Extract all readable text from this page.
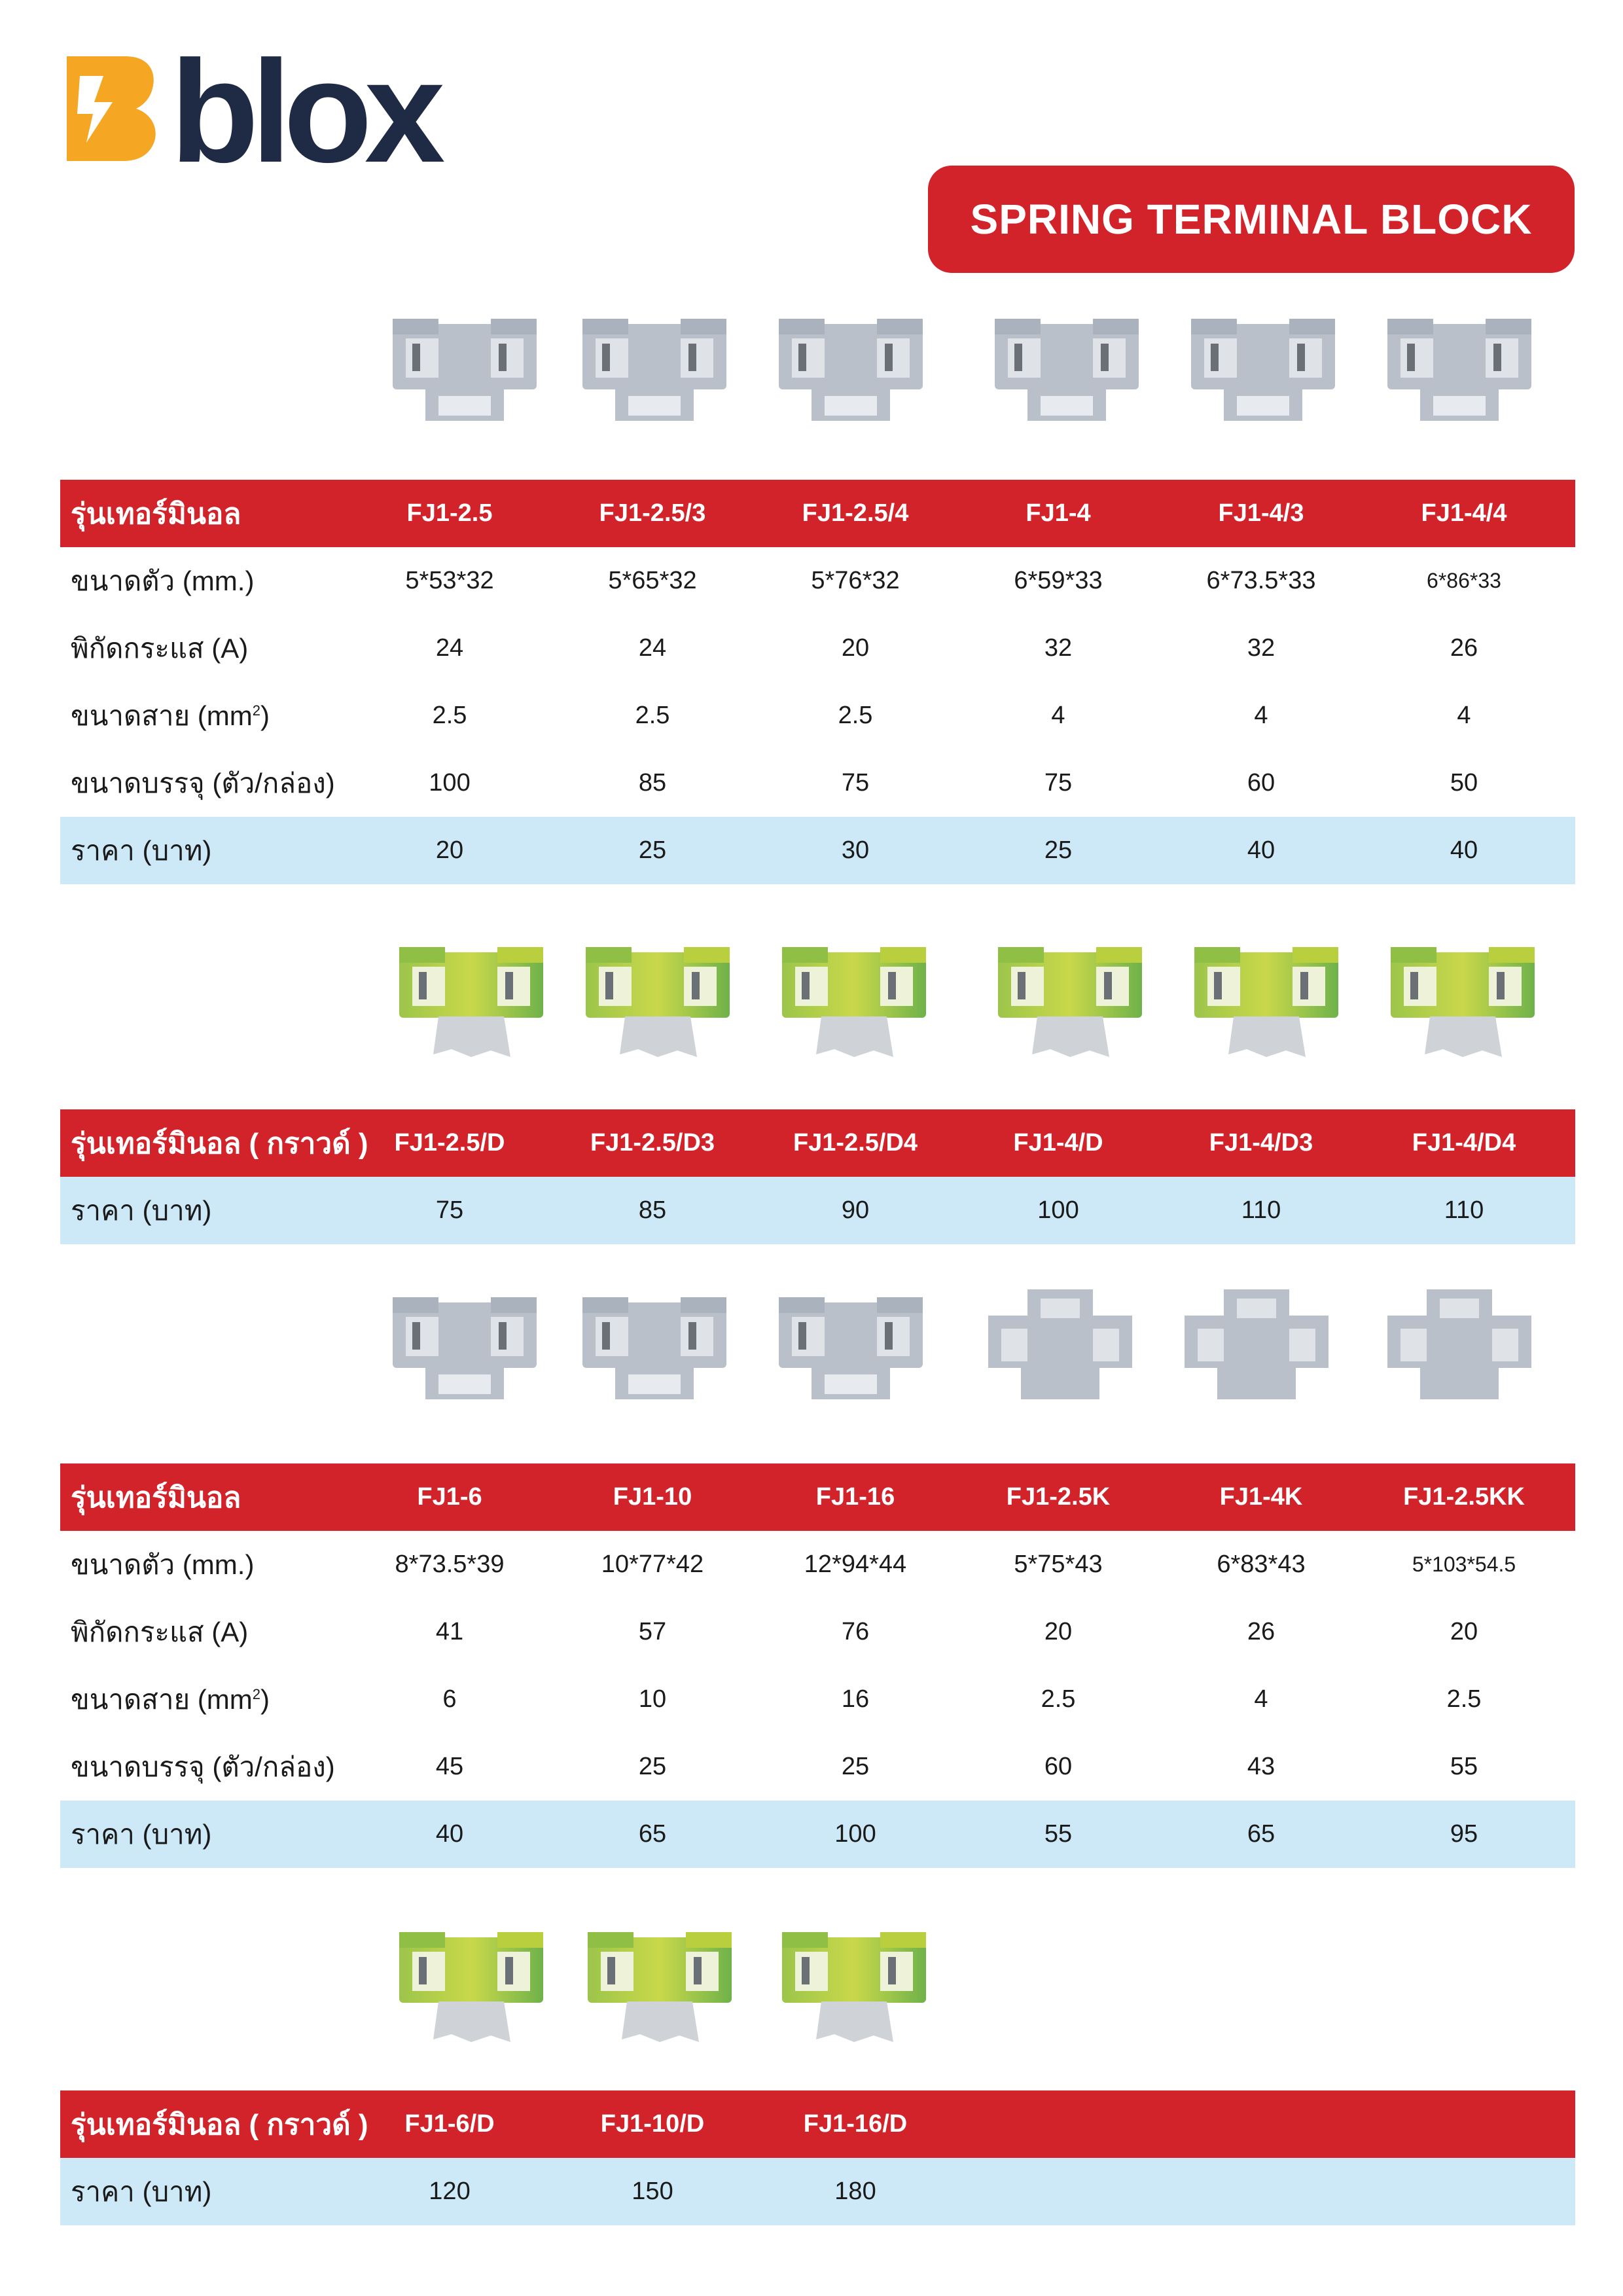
blox
SPRING TERMINAL BLOCK
รุ่นเทอร์มินอล	FJ1-2.5	FJ1-2.5/3	FJ1-2.5/4	FJ1-4	FJ1-4/3	FJ1-4/4
ขนาดตัว (mm.)	5*53*32	5*65*32	5*76*32	6*59*33	6*73.5*33	6*86*33
พิกัดกระแส (A)	24	24	20	32	32	26
ขนาดสาย $(mm^2)$	2.5	2.5	2.5	4	4	4
ขนาดบรรจุ (ตัว/กล่อง)	100	85	75	75	60	50
ราคา (บาท)	20	25	30	25	40	40
รุ่นเทอร์มินอล ( กราวด์ )	FJ1-2.5/D	FJ1-2.5/D3	FJ1-2.5/D4	FJ1-4/D	FJ1-4/D3	FJ1-4/D4
ราคา (บาท)	75	85	90	100	110	110
รุ่นเทอร์มินอล	FJ1-6	FJ1-10	FJ1-16	FJ1-2.5K	FJ1-4K	FJ1-2.5KK
ขนาดตัว (mm.)	8*73.5*39	10*77*42	12*94*44	5*75*43	6*83*43	5*103*54.5
พิกัดกระแส (A)	41	57	76	20	26	20
ขนาดสาย $(mm^2)$	6	10	16	2.5	4	2.5
ขนาดบรรจุ (ตัว/กล่อง)	45	25	25	60	43	55
ราคา (บาท)	40	65	100	55	65	95
รุ่นเทอร์มินอล ( กราวด์ )	FJ1-6/D	FJ1-10/D	FJ1-16/D
ราคา (บาท)	120	150	180
